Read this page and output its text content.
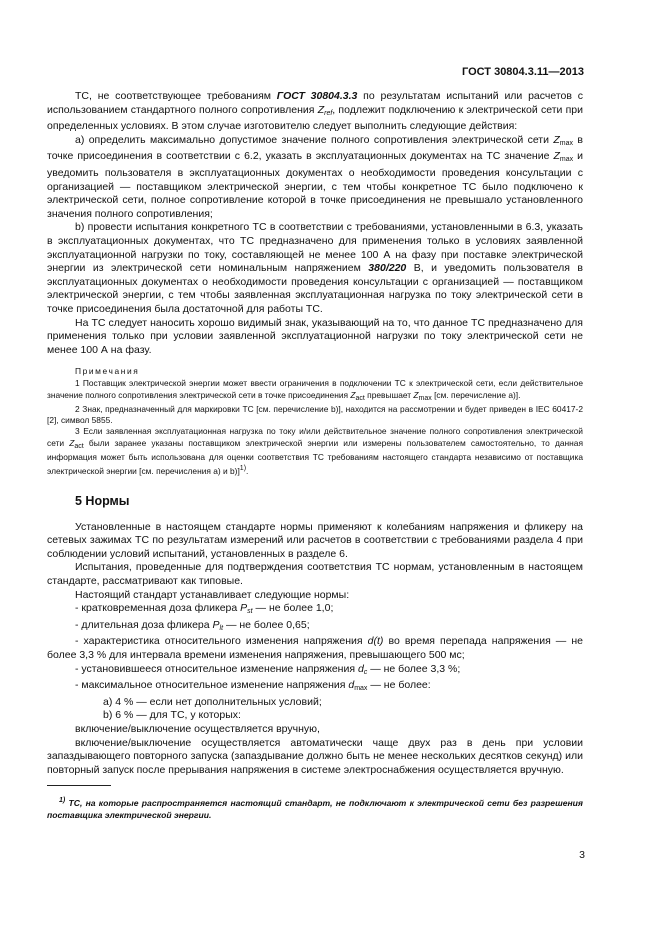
ГОСТ 30804.3.11—2013

ТС, не соответствующее требованиям ГОСТ 30804.3.3 по результатам испытаний или расчетов с использованием стандартного полного сопротивления $Z_{ref}$, подлежит подключению к электрической сети при определенных условиях. В этом случае изготовителю следует выполнить следующие действия:

a) определить максимально допустимое значение полного сопротивления электрической сети $Z_{max}$ в точке присоединения в соответствии с 6.2, указать в эксплуатационных документах на ТС значение $Z_{max}$ и уведомить пользователя в эксплуатационных документах о необходимости проведения консультации с организацией — поставщиком электрической энергии, с тем чтобы конкретное ТС было подключено к электрической сети, полное сопротивление которой в точке присоединения не превышало установленного значения полного сопротивления;

b) провести испытания конкретного ТС в соответствии с требованиями, установленными в 6.3, указать в эксплуатационных документах, что ТС предназначено для применения только в условиях заявленной эксплуатационной нагрузки по току, составляющей не менее 100 А на фазу при поставке электрической энергии из электрической сети номинальным напряжением 380/220 В, и уведомить пользователя в эксплуатационных документах о необходимости проведения консультации с организацией — поставщиком электрической энергии, с тем чтобы заявленная эксплуатационная нагрузка по току электрической сети в точке присоединения была достаточной для работы ТС.

На ТС следует наносить хорошо видимый знак, указывающий на то, что данное ТС предназначено для применения только при условии заявленной эксплуатационной нагрузки по току электрической сети не менее 100 А на фазу.

Примечания

1 Поставщик электрической энергии может ввести ограничения в подключении ТС к электрической сети, если действительное значение полного сопротивления электрической сети в точке присоединения $Z_{act}$ превышает $Z_{max}$ [см. перечисление а)].

2 Знак, предназначенный для маркировки ТС [см. перечисление b)], находится на рассмотрении и будет приведен в IEC 60417-2 [2], символ 5855.

3 Если заявленная эксплуатационная нагрузка по току и/или действительное значение полного сопротивления электрической сети $Z_{act}$ были заранее указаны поставщиком электрической энергии или измерены пользователем самостоятельно, то данная информация может быть использована для оценки соответствия ТС требованиям настоящего стандарта независимо от поставщика электрической энергии [см. перечисления а) и b)]$^{1)}$.

5 Нормы

Установленные в настоящем стандарте нормы применяют к колебаниям напряжения и фликеру на сетевых зажимах ТС по результатам измерений или расчетов в соответствии с требованиями раздела 4 при соблюдении условий испытаний, установленных в разделе 6.

Испытания, проведенные для подтверждения соответствия ТС нормам, установленным в настоящем стандарте, рассматривают как типовые.

Настоящий стандарт устанавливает следующие нормы:

- кратковременная доза фликера $P_{st}$ — не более 1,0;

- длительная доза фликера $P_{lt}$ — не более 0,65;

- характеристика относительного изменения напряжения d(t) во время перепада напряжения — не более 3,3 % для интервала времени изменения напряжения, превышающего 500 мс;

- установившееся относительное изменение напряжения $d_c$ — не более 3,3 %;

- максимальное относительное изменение напряжения $d_{max}$ — не более:

a) 4 % — если нет дополнительных условий;

b) 6 % — для ТС, у которых:

включение/выключение осуществляется вручную,

включение/выключение осуществляется автоматически чаще двух раз в день при условии запаздывающего повторного запуска (запаздывание должно быть не менее нескольких десятков секунд) или повторный запуск после прерывания напряжения в системе электроснабжения осуществляется вручную.

$^{1)}$ ТС, на которые распространяется настоящий стандарт, не подключают к электрической сети без разрешения поставщика электрической энергии.

3
